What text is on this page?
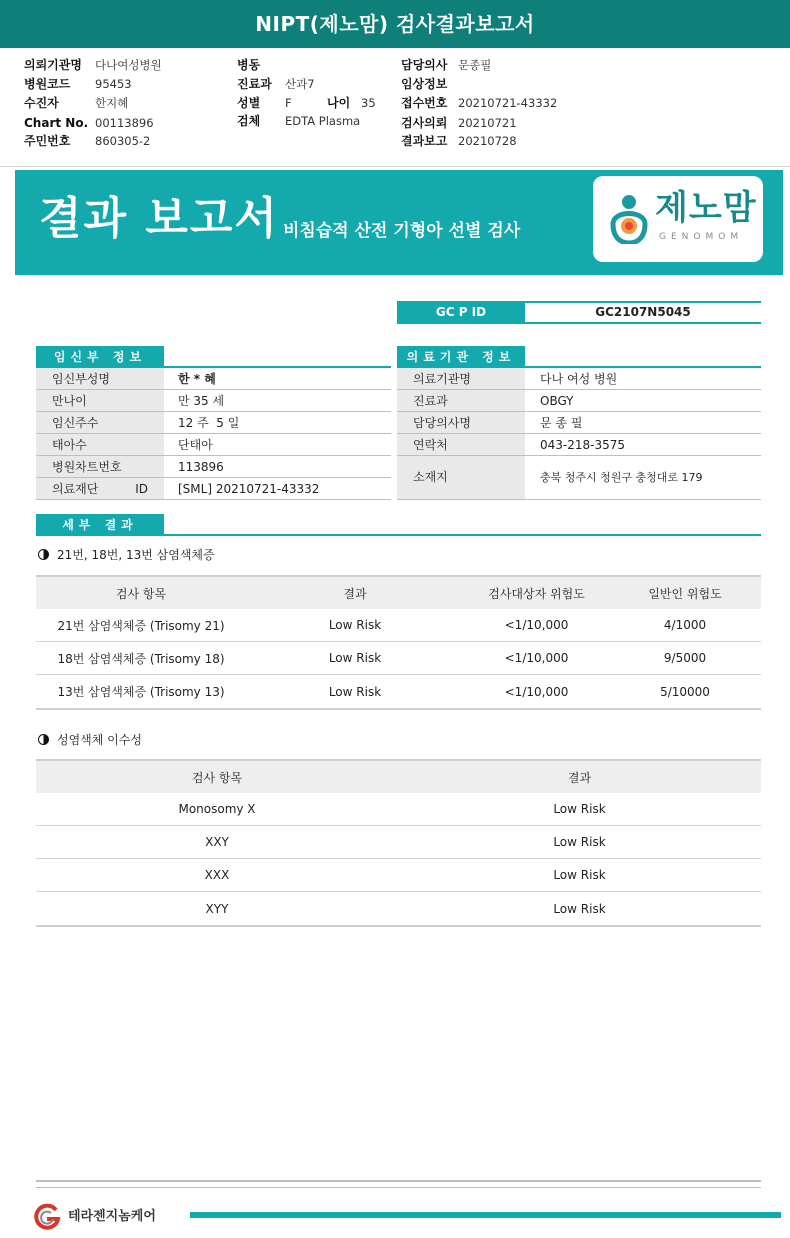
NIPT(제노맘) 검사결과보고서
의뢰기관명 다나여성병원
병원코드 95453
수진자	한지혜
Chart No. 00113896
주민번호 860305-2
병동
진료과 산과7
성별 F	나이 35
검체 EDTA Plasma
담당의사 문종필
임상정보
접수번호 20210721-43332
검사의뢰 20210721
결과보고 20210728
결과 보고서 비침습적 산전 기형아 선별 검사
제노맘
GENOMOM
GC P ID	GC2107N5045
임신부 정보
임신부성명	한 * 혜
만나이	만 35 세
임신주수	12 주  5 일
태아수	단태아
병원차트번호	113896
의료재단 ID	[SML] 20210721-43332
의료기관 정보
의료기관명	다나 여성 병원
진료과	OBGY
담당의사명	문 종 필
연락처	043-218-3575
소재지	충북 청주시 청원구 충청대로 179
세부 결과
21번, 18번, 13번 삼염색체증
검사 항목	결과	검사대상자 위험도	일반인 위험도
21번 삼염색체증 (Trisomy 21)	Low Risk	<1/10,000	4/1000
18번 삼염색체증 (Trisomy 18)	Low Risk	<1/10,000	9/5000
13번 삼염색체증 (Trisomy 13)	Low Risk	<1/10,000	5/10000
성염색체 이수성
검사 항목	결과
Monosomy X	Low Risk
XXY	Low Risk
XXX	Low Risk
XYY	Low Risk
테라젠지놈케어
